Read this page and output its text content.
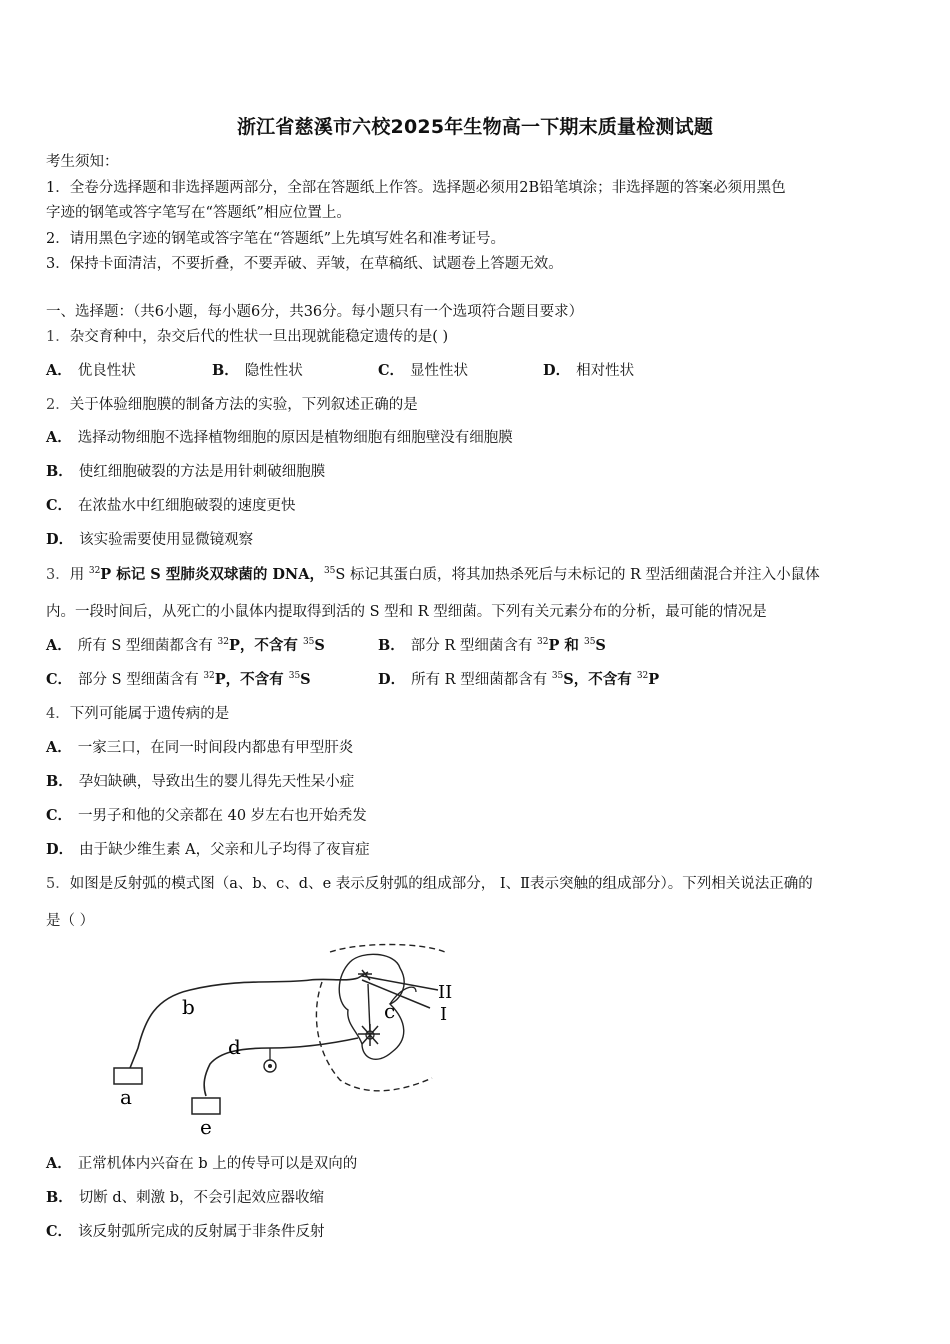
浙江省慈溪市六校2025年生物高一下期末质量检测试题
考生须知：
1．全卷分选择题和非选择题两部分，全部在答题纸上作答。选择题必须用2B铅笔填涂；非选择题的答案必须用黑色
字迹的钢笔或答字笔写在“答题纸”相应位置上。
2．请用黑色字迹的钢笔或答字笔在“答题纸”上先填写姓名和准考证号。
3．保持卡面清洁，不要折叠，不要弄破、弄皱，在草稿纸、试题卷上答题无效。
一、选择题：（共6小题，每小题6分，共36分。每小题只有一个选项符合题目要求）
1．杂交育种中，杂交后代的性状一旦出现就能稳定遗传的是( )
A． 优良性状	B． 隐性性状	C． 显性性状	D． 相对性状
2．关于体验细胞膜的制备方法的实验，下列叙述正确的是
A． 选择动物细胞不选择植物细胞的原因是植物细胞有细胞壁没有细胞膜
B． 使红细胞破裂的方法是用针刺破细胞膜
C． 在浓盐水中红细胞破裂的速度更快
D． 该实验需要使用显微镜观察
3．用 $^{32}$P 标记 S 型肺炎双球菌的 DNA，$^{35}$S 标记其蛋白质，将其加热杀死后与未标记的 R 型活细菌混合并注入小鼠体
内。一段时间后，从死亡的小鼠体内提取得到活的 S 型和 R 型细菌。下列有关元素分布的分析，最可能的情况是
A． 所有 S 型细菌都含有 $^{32}$P，不含有 $^{35}$S	B． 部分 R 型细菌含有 $^{32}$P 和 $^{35}$S
C． 部分 S 型细菌含有 $^{32}$P，不含有 $^{35}$S	D． 所有 R 型细菌都含有 $^{35}$S，不含有 $^{32}$P
4．下列可能属于遗传病的是
A． 一家三口，在同一时间段内都患有甲型肝炎
B． 孕妇缺碘，导致出生的婴儿得先天性呆小症
C． 一男子和他的父亲都在 40 岁左右也开始秃发
D． 由于缺少维生素 A，父亲和儿子均得了夜盲症
5．如图是反射弧的模式图（a、b、c、d、e 表示反射弧的组成部分， Ⅰ、Ⅱ表示突触的组成部分）。下列相关说法正确的
是（ ）
a
b	c
d
e
II
I
A． 正常机体内兴奋在 b 上的传导可以是双向的
B． 切断 d、刺激 b，不会引起效应器收缩
C． 该反射弧所完成的反射属于非条件反射
